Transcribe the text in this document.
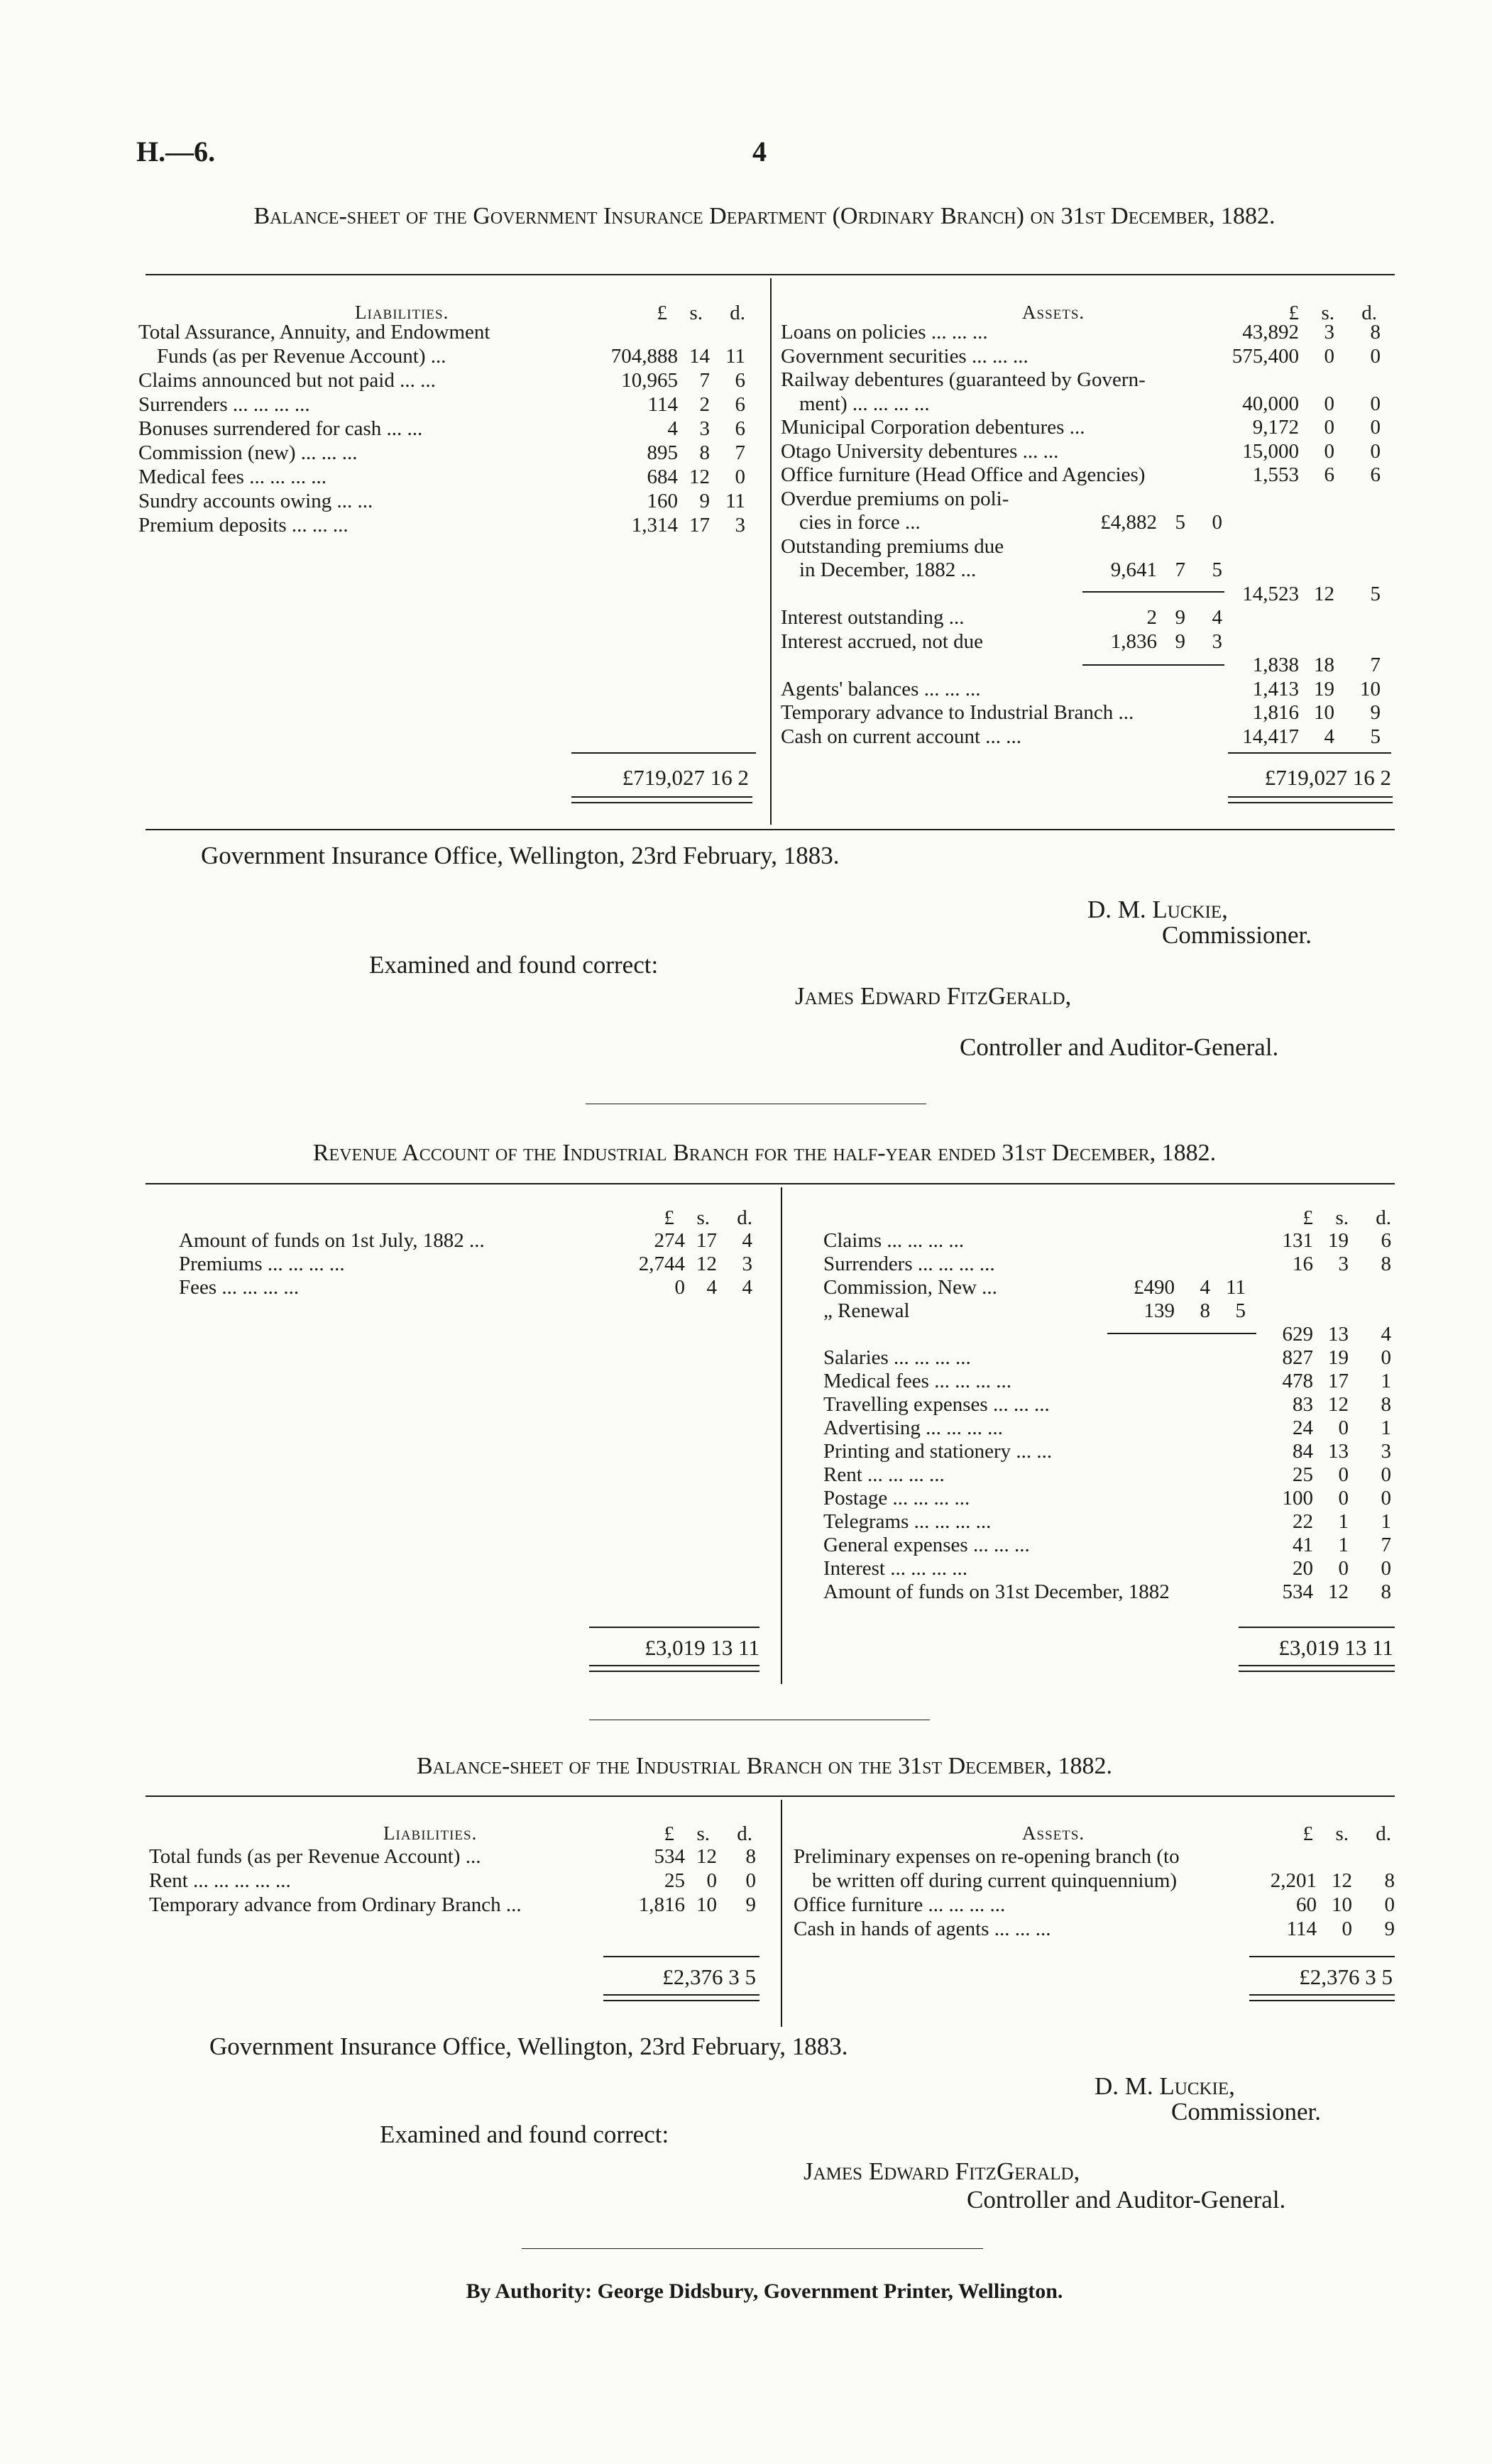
H.—6.	4
Balance-sheet of the Government Insurance Department (Ordinary Branch) on 31st December, 1882.
Liabilities.	£	s.	d.
Total Assurance, Annuity, and Endowment
Funds (as per Revenue Account) ...	704,888 14 11
Claims announced but not paid ... ...	10,965	7	6
Surrenders ... ... ... ...	114	2	6
Bonuses surrendered for cash ... ...	4	3	6
Commission (new) ... ... ...	895	8	7
Medical fees ... ... ... ...	684 12	0
Sundry accounts owing ... ...	160	9 11
Premium deposits ... ... ...	1,314 17	3
Assets.	£	s.	d.
Loans on policies ... ... ...	43,892	3	8
Government securities ... ... ...	575,400	0	0
Railway debentures (guaranteed by Govern-
ment) ... ... ... ...	40,000	0	0
Municipal Corporation debentures ...	9,172	0	0
Otago University debentures ... ...	15,000	0	0
Office furniture (Head Office and Agencies)	1,553	6	6
Overdue premiums on poli-
cies in force ...	£4,882 5	0
Outstanding premiums due
in December, 1882 ...	9,641 7	5
14,523 12	5
Interest outstanding ...	2 9	4
Interest accrued, not due	1,836 9	3
1,838 18	7
Agents' balances ... ... ...	1,413 19	10
Temporary advance to Industrial Branch ...	1,816 10	9
Cash on current account ... ...	14,417	4	5
£719,027 16 2	£719,027 16 2
Government Insurance Office, Wellington, 23rd February, 1883.
D. M. Luckie,
Commissioner.
Examined and found correct:
James Edward FitzGerald,
Controller and Auditor-General.
Revenue Account of the Industrial Branch for the half-year ended 31st December, 1882.
£	s.	d.
Amount of funds on 1st July, 1882 ...	274 17	4
Premiums ... ... ... ...	2,744 12	3
Fees ... ... ... ...	0	4	4
£	s.	d.
Claims ... ... ... ...	131 19	6
Surrenders ... ... ... ...	16	3	8
Commission, New ...	£490	4 11
„ Renewal	139	8	5
629 13	4
Salaries ... ... ... ...	827 19	0
Medical fees ... ... ... ...	478 17	1
Travelling expenses ... ... ...	83 12	8
Advertising ... ... ... ...	24	0	1
Printing and stationery ... ...	84 13	3
Rent ... ... ... ...	25	0	0
Postage ... ... ... ...	100	0	0
Telegrams ... ... ... ...	22	1	1
General expenses ... ... ...	41	1	7
Interest ... ... ... ...	20	0	0
Amount of funds on 31st December, 1882	534 12	8
£3,019 13 11	£3,019 13 11
Balance-sheet of the Industrial Branch on the 31st December, 1882.
Liabilities.	£	s.	d.
Total funds (as per Revenue Account) ...	534 12	8
Rent ... ... ... ... ...	25	0	0
Temporary advance from Ordinary Branch ...	1,816 10	9
Assets.	£	s.	d.
Preliminary expenses on re-opening branch (to
be written off during current quinquennium)	2,201 12	8
Office furniture ... ... ... ...	60 10	0
Cash in hands of agents ... ... ...	114	0	9
£2,376 3 5	£2,376 3 5
Government Insurance Office, Wellington, 23rd February, 1883.
D. M. Luckie,
Commissioner.
Examined and found correct:
James Edward FitzGerald,
Controller and Auditor-General.
By Authority: George Didsbury, Government Printer, Wellington.
